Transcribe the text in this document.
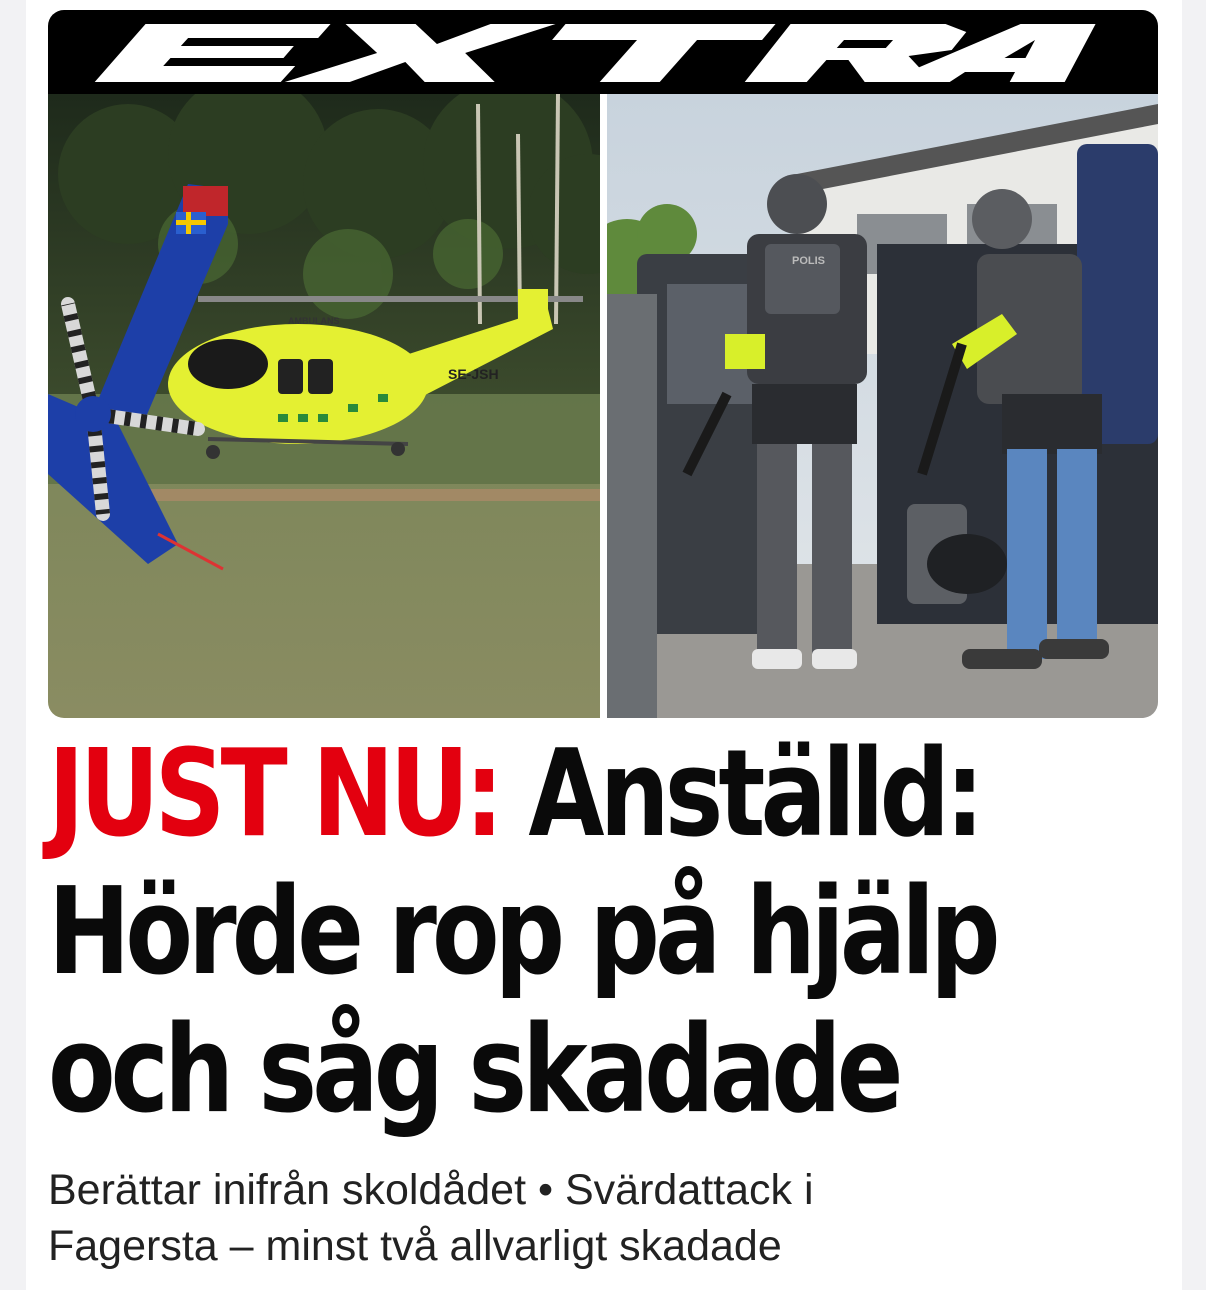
SE-JSH
AMBULANS
POLIS
JUST NU: Anställd:
Hörde rop på hjälp
och såg skadade

Berättar inifrån skoldådet • Svärdattack i
Fagersta – minst två allvarligt skadade
